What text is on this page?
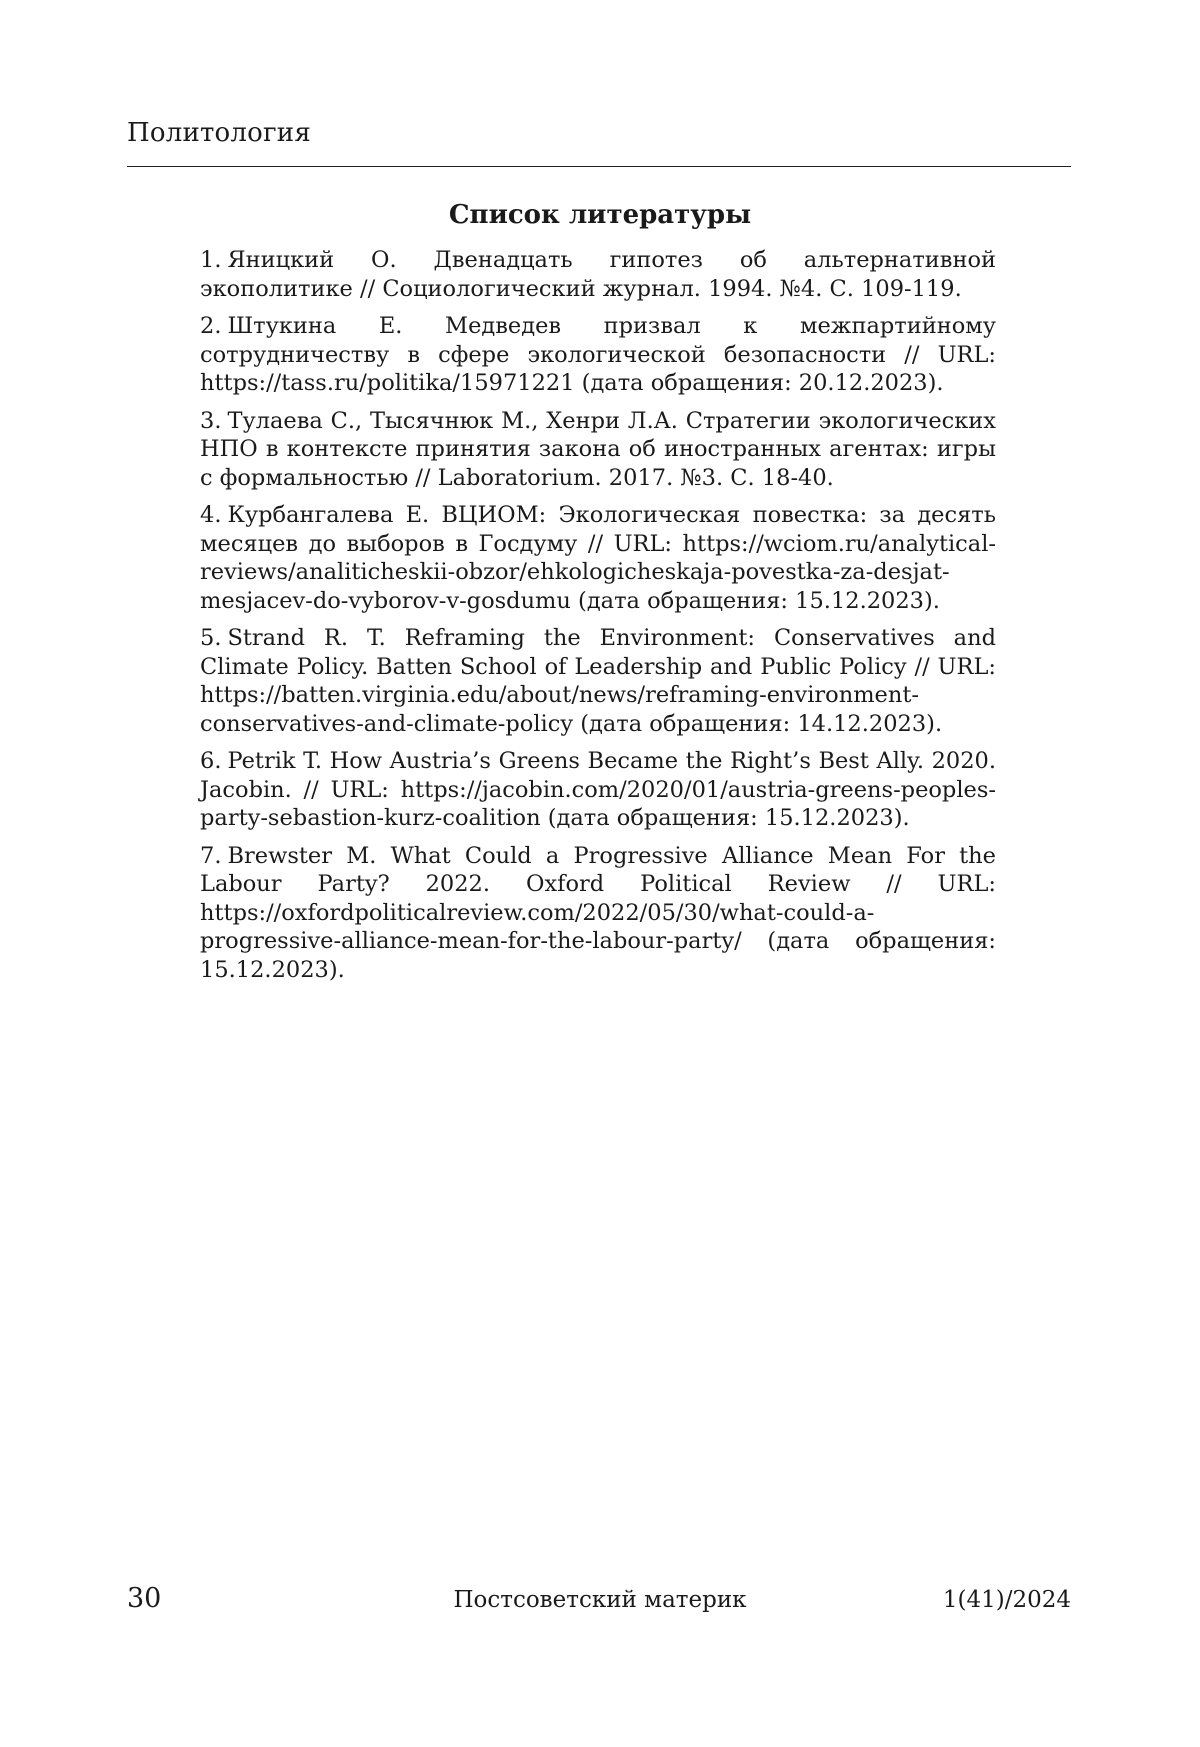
Политология
Список литературы
1. Яницкий О. Двенадцать гипотез об альтернативной экополитике // Социологический журнал. 1994. №4. С. 109-119.
2. Штукина Е. Медведев призвал к межпартийному сотрудничеству в сфере экологической безопасности // URL: https://tass.ru/politika/15971221 (дата обращения: 20.12.2023).
3. Тулаева С., Тысячнюк М., Хенри Л.А. Стратегии экологических НПО в контексте принятия закона об иностранных агентах: игры с формальностью // Laboratorium. 2017. №3. С. 18-40.
4. Курбангалева Е. ВЦИОМ: Экологическая повестка: за десять месяцев до выборов в Госдуму // URL: https://wciom.ru/analytical-reviews/analiticheskii-obzor/ehkologicheskaja-povestka-za-desjat-mesjacev-do-vyborov-v-gosdumu (дата обращения: 15.12.2023).
5. Strand R. T. Reframing the Environment: Conservatives and Climate Policy. Batten School of Leadership and Public Policy // URL: https://batten.virginia.edu/about/news/reframing-environment-conservatives-and-climate-policy (дата обращения: 14.12.2023).
6. Petrik T. How Austria’s Greens Became the Right’s Best Ally. 2020. Jacobin. // URL: https://jacobin.com/2020/01/austria-greens-peoples-party-sebastion-kurz-coalition (дата обращения: 15.12.2023).
7. Brewster M. What Could a Progressive Alliance Mean For the Labour Party? 2022. Oxford Political Review // URL: https://oxfordpoliticalreview.com/2022/05/30/what-could-a-progressive-alliance-mean-for-the-labour-party/ (дата обращения: 15.12.2023).
30	Постсоветский материк	1(41)/2024
